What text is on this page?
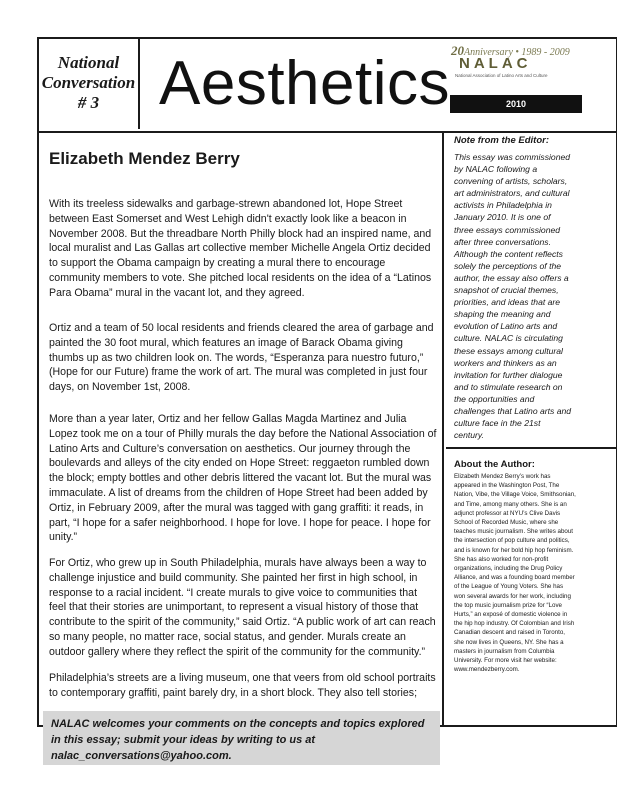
National
Conversation
# 3 Aesthetics 20Anniversary • 1989 - 2009
NALAC
National Association of Latino Arts and Culture
2010
Elizabeth Mendez Berry
With its treeless sidewalks and garbage-strewn abandoned lot, Hope Street between East Somerset and West Lehigh didn't exactly look like a beacon in November 2008. But the threadbare North Philly block had an inspired name, and local muralist and Las Gallas art collective member Michelle Angela Ortiz decided to support the Obama campaign by creating a mural there to encourage community members to vote. She pitched local residents on the idea of a “Latinos Para Obama” mural in the vacant lot, and they agreed.
Ortiz and a team of 50 local residents and friends cleared the area of garbage and painted the 30 foot mural, which features an image of Barack Obama giving thumbs up as two children look on. The words, “Esperanza para nuestro futuro,” (Hope for our Future) frame the work of art. The mural was completed in just four days, on November 1st, 2008.
More than a year later, Ortiz and her fellow Gallas Magda Martinez and Julia Lopez took me on a tour of Philly murals the day before the National Association of Latino Arts and Culture’s conversation on aesthetics. Our journey through the boulevards and alleys of the city ended on Hope Street: reggaeton rumbled down the block; empty bottles and other debris littered the vacant lot. But the mural was immaculate. A list of dreams from the children of Hope Street had been added by Ortiz, in February 2009, after the mural was tagged with gang graffiti: it reads, in part, “I hope for a safer neighborhood. I hope for love. I hope for peace. I hope for unity.”
For Ortiz, who grew up in South Philadelphia, murals have always been a way to challenge injustice and build community. She painted her first in high school, in response to a racial incident. “I create murals to give voice to communities that feel that their stories are unimportant, to represent a visual history of those that contribute to the spirit of the community,” said Ortiz. “A public work of art can reach so many people, no matter race, social status, and gender. Murals create an outdoor gallery where they reflect the spirit of the community for the community.”
Philadelphia’s streets are a living museum, one that veers from old school portraits to contemporary graffiti, paint barely dry, in a short block. They also tell stories;
NALAC welcomes your comments on the concepts and topics explored in this essay; submit your ideas by writing to us at nalac_conversations@yahoo.com.
Note from the Editor:
This essay was commissioned by NALAC following a convening of artists, scholars, art administrators, and cultural activists in Philadelphia in January 2010. It is one of three essays commissioned after three conversations. Although the content reflects solely the perceptions of the author, the essay also offers a snapshot of crucial themes, priorities, and ideas that are shaping the meaning and evolution of Latino arts and culture. NALAC is circulating these essays among cultural workers and thinkers as an invitation for further dialogue and to stimulate research on the opportunities and challenges that Latino arts and culture face in the 21st century.
About the Author:
Elizabeth Mendez Berry’s work has appeared in the Washington Post, The Nation, Vibe, the Village Voice, Smithsonian, and Time, among many others. She is an adjunct professor at NYU’s Clive Davis School of Recorded Music, where she teaches music journalism. She writes about the intersection of pop culture and politics, and is known for her bold hip hop feminism. She has also worked for non-profit organizations, including the Drug Policy Alliance, and was a founding board member of the League of Young Voters. She has won several awards for her work, including the top music journalism prize for “Love Hurts,” an exposé of domestic violence in the hip hop industry. Of Colombian and Irish Canadian descent and raised in Toronto, she now lives in Queens, NY. She has a masters in journalism from Columbia University. For more visit her website: www.mendezberry.com.
